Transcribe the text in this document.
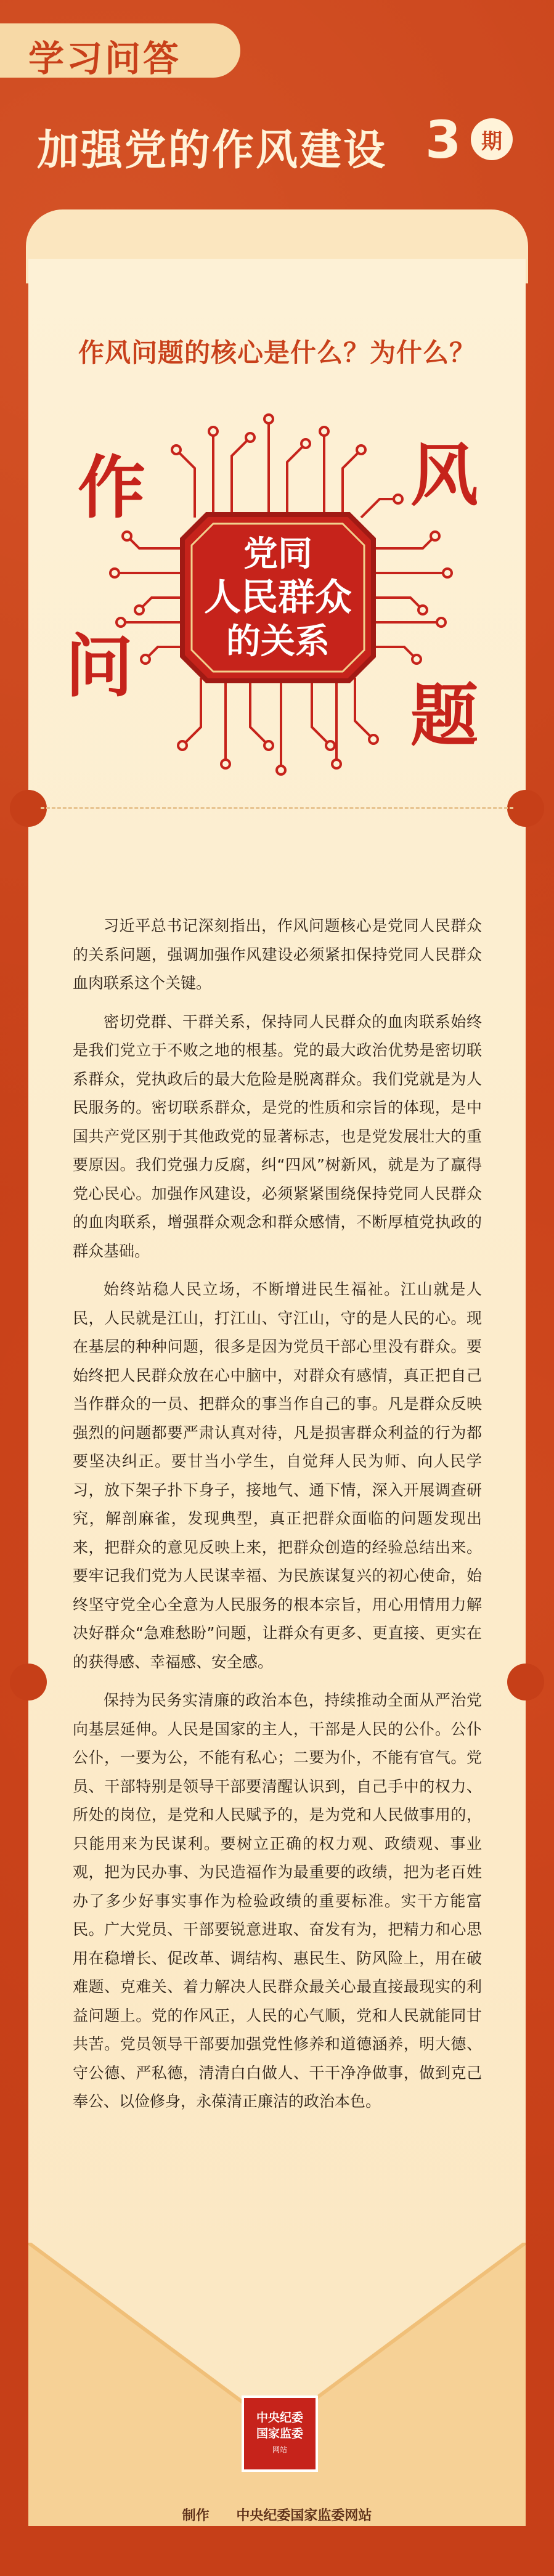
学习问答
加强党的作风建设 3 期
作风问题的核心是什么？为什么？
党同
人民群众
的关系
作	风
问
题

习近平总书记深刻指出，作风问题核心是党同人民群众的关系问题，强调加强作风建设必须紧扣保持党同人民群众血肉联系这个关键。

密切党群、干群关系，保持同人民群众的血肉联系始终是我们党立于不败之地的根基。党的最大政治优势是密切联系群众，党执政后的最大危险是脱离群众。我们党就是为人民服务的。密切联系群众，是党的性质和宗旨的体现，是中国共产党区别于其他政党的显著标志，也是党发展壮大的重要原因。我们党强力反腐，纠“四风”树新风，就是为了赢得党心民心。加强作风建设，必须紧紧围绕保持党同人民群众的血肉联系，增强群众观念和群众感情，不断厚植党执政的群众基础。

始终站稳人民立场，不断增进民生福祉。江山就是人民，人民就是江山，打江山、守江山，守的是人民的心。现在基层的种种问题，很多是因为党员干部心里没有群众。要始终把人民群众放在心中脑中，对群众有感情，真正把自己当作群众的一员、把群众的事当作自己的事。凡是群众反映强烈的问题都要严肃认真对待，凡是损害群众利益的行为都要坚决纠正。要甘当小学生，自觉拜人民为师、向人民学习，放下架子扑下身子，接地气、通下情，深入开展调查研究，解剖麻雀，发现典型，真正把群众面临的问题发现出来，把群众的意见反映上来，把群众创造的经验总结出来。要牢记我们党为人民谋幸福、为民族谋复兴的初心使命，始终坚守党全心全意为人民服务的根本宗旨，用心用情用力解决好群众“急难愁盼”问题，让群众有更多、更直接、更实在的获得感、幸福感、安全感。

保持为民务实清廉的政治本色，持续推动全面从严治党向基层延伸。人民是国家的主人，干部是人民的公仆。公仆公仆，一要为公，不能有私心；二要为仆，不能有官气。党员、干部特别是领导干部要清醒认识到，自己手中的权力、所处的岗位，是党和人民赋予的，是为党和人民做事用的，只能用来为民谋利。要树立正确的权力观、政绩观、事业观，把为民办事、为民造福作为最重要的政绩，把为老百姓办了多少好事实事作为检验政绩的重要标准。实干方能富民。广大党员、干部要锐意进取、奋发有为，把精力和心思用在稳增长、促改革、调结构、惠民生、防风险上，用在破难题、克难关、着力解决人民群众最关心最直接最现实的利益问题上。党的作风正，人民的心气顺，党和人民就能同甘共苦。党员领导干部要加强党性修养和道德涵养，明大德、守公德、严私德，清清白白做人、干干净净做事，做到克己奉公、以俭修身，永葆清正廉洁的政治本色。

中央纪委
国家监委
网站
制作 中央纪委国家监委网站
